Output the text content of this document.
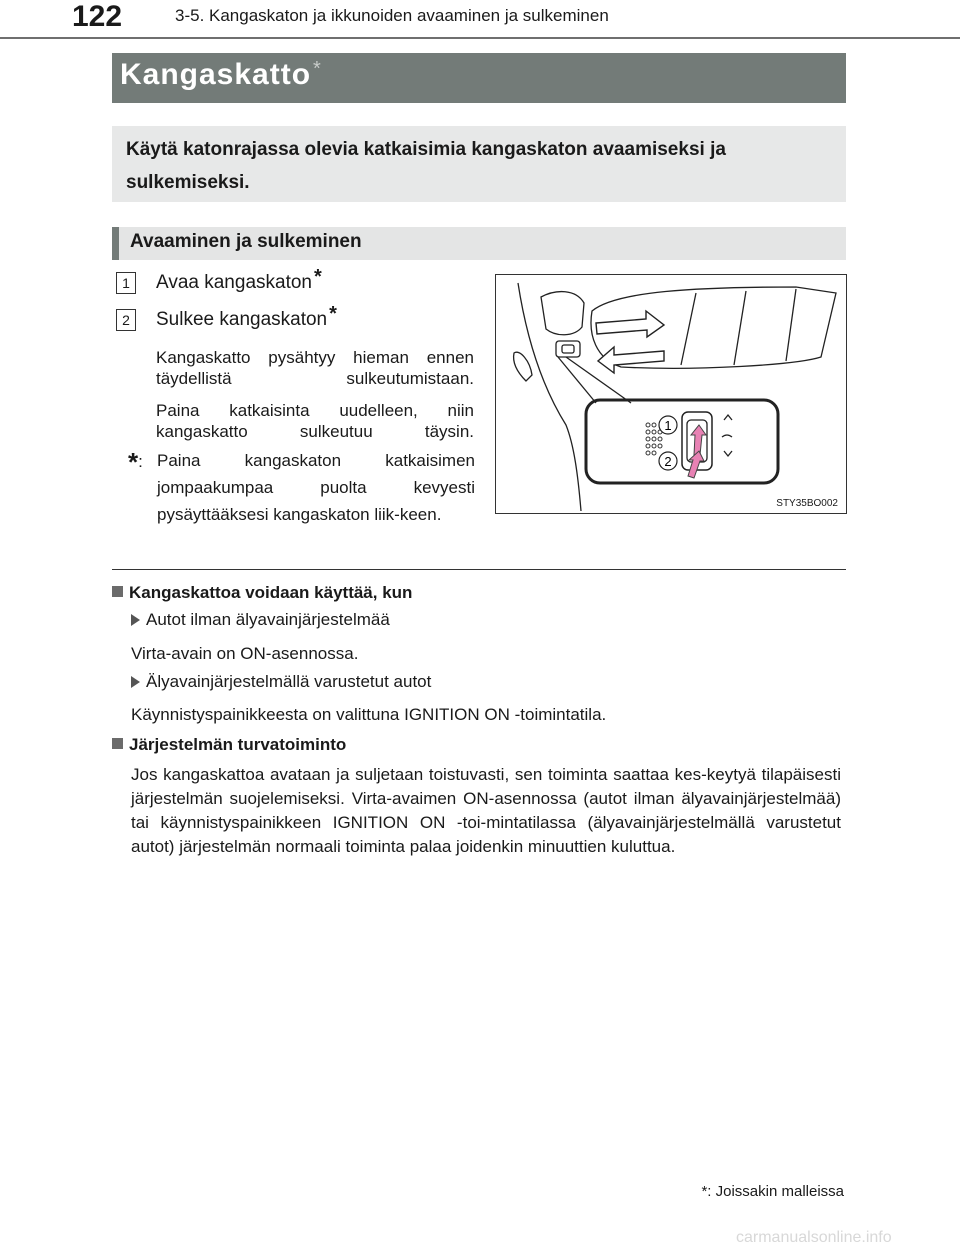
122	3-5. Kangaskaton ja ikkunoiden avaaminen ja sulkeminen
Kangaskatto *
Käytä katonrajassa olevia katkaisimia kangaskaton avaamiseksi ja sulkemiseksi.
Avaaminen ja sulkeminen
1	Avaa kangaskaton *
2	Sulkee kangaskaton *
Kangaskatto pysähtyy hieman ennen täydellistä sulkeutumistaan.
Paina katkaisinta uudelleen, niin kangaskatto sulkeutuu täysin.
*: Paina kangaskaton katkaisimen jompaakumpaa puolta kevyesti pysäyttääksesi kangaskaton liik-keen.
1
2
STY35BO002
Kangaskattoa voidaan käyttää, kun
Autot ilman älyavainjärjestelmää
Virta-avain on ON-asennossa.
Älyavainjärjestelmällä varustetut autot
Käynnistyspainikkeesta on valittuna IGNITION ON -toimintatila.
Järjestelmän turvatoiminto
Jos kangaskattoa avataan ja suljetaan toistuvasti, sen toiminta saattaa kes-keytyä tilapäisesti järjestelmän suojelemiseksi. Virta-avaimen ON-asennossa (autot ilman älyavainjärjestelmää) tai käynnistyspainikkeen IGNITION ON -toi-mintatilassa (älyavainjärjestelmällä varustetut autot) järjestelmän normaali toiminta palaa joidenkin minuuttien kuluttua.
*: Joissakin malleissa
carmanualsonline.info
